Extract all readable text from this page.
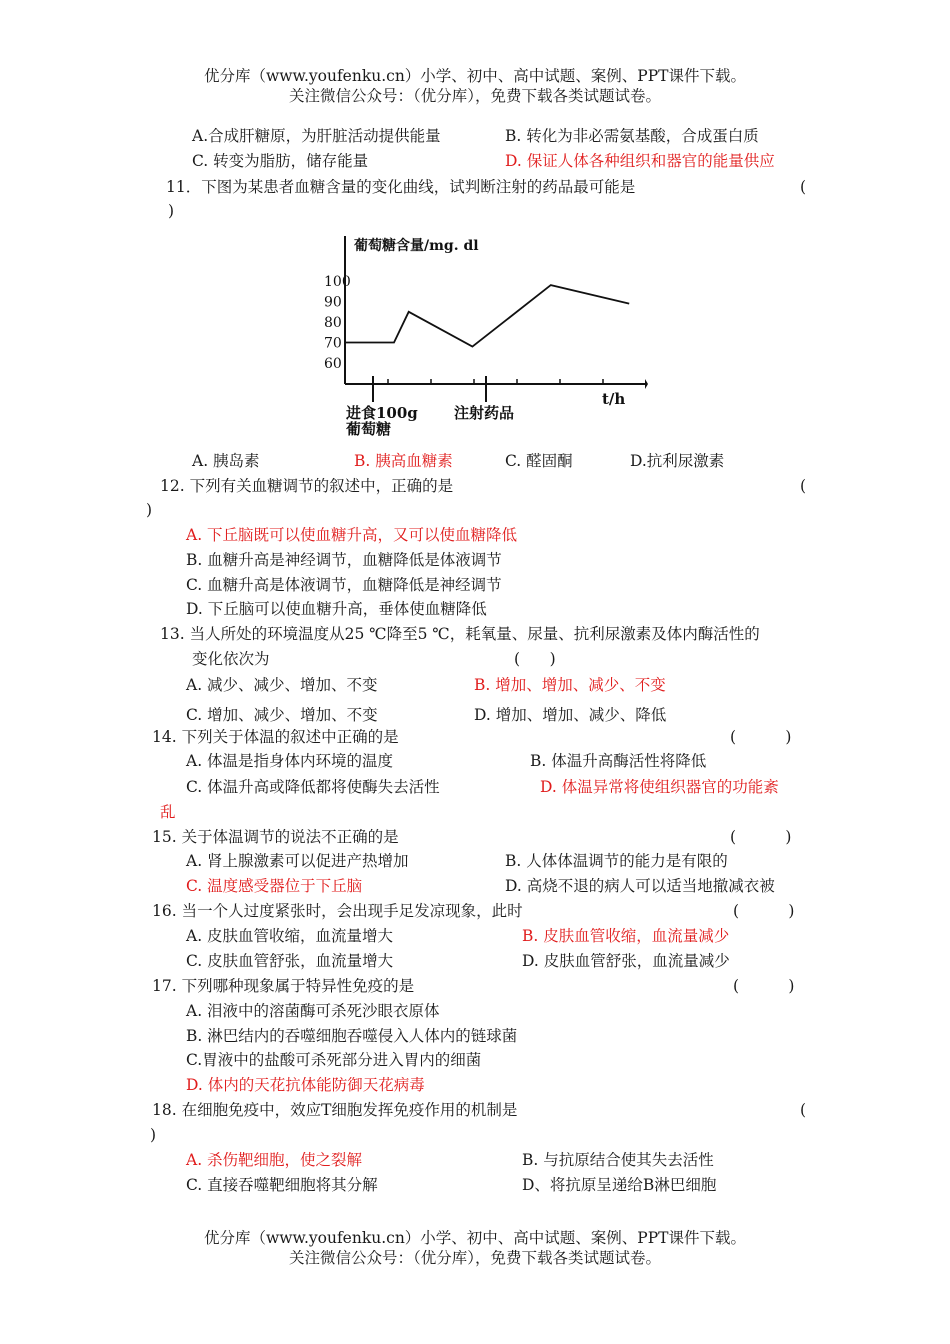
优分库（www.youfenku.cn）小学、初中、高中试题、案例、PPT课件下载。
关注微信公众号：（优分库），免费下载各类试题试卷。
A.合成肝糖原，为肝脏活动提供能量	B. 转化为非必需氨基酸，合成蛋白质
C. 转变为脂肪，储存能量	D. 保证人体各种组织和器官的能量供应
11．下图为某患者血糖含量的变化曲线，试判断注射的药品最可能是	(
)
葡萄糖含量/mg. dl
100
90
80
70
60
t/h
进食100g
葡萄糖
注射药品
A. 胰岛素	B. 胰高血糖素	C. 醛固酮	D.抗利尿激素
12. 下列有关血糖调节的叙述中，正确的是	(
)
A. 下丘脑既可以使血糖升高，又可以使血糖降低
B. 血糖升高是神经调节，血糖降低是体液调节
C. 血糖升高是体液调节，血糖降低是神经调节
D. 下丘脑可以使血糖升高，垂体使血糖降低
13. 当人所处的环境温度从25 ℃降至5 ℃，耗氧量、尿量、抗利尿激素及体内酶活性的
变化依次为	(      )
A. 减少、减少、增加、不变	B. 增加、增加、减少、不变
C. 增加、减少、增加、不变	D. 增加、增加、减少、降低
14. 下列关于体温的叙述中正确的是	(          )
A. 体温是指身体内环境的温度	B. 体温升高酶活性将降低
C. 体温升高或降低都将使酶失去活性	D. 体温异常将使组织器官的功能紊
乱
15. 关于体温调节的说法不正确的是	(          )
A. 肾上腺激素可以促进产热增加	B. 人体体温调节的能力是有限的
C. 温度感受器位于下丘脑	D. 高烧不退的病人可以适当地撤减衣被
16. 当一个人过度紧张时，会出现手足发凉现象，此时	(          )
A. 皮肤血管收缩，血流量增大	B. 皮肤血管收缩，血流量减少
C. 皮肤血管舒张，血流量增大	D. 皮肤血管舒张，血流量减少
17. 下列哪种现象属于特异性免疫的是	(          )
A. 泪液中的溶菌酶可杀死沙眼衣原体
B. 淋巴结内的吞噬细胞吞噬侵入人体内的链球菌
C.胃液中的盐酸可杀死部分进入胃内的细菌
D. 体内的天花抗体能防御天花病毒
18. 在细胞免疫中，效应T细胞发挥免疫作用的机制是	(
)
A. 杀伤靶细胞，使之裂解	B. 与抗原结合使其失去活性
C. 直接吞噬靶细胞将其分解	D、将抗原呈递给B淋巴细胞
优分库（www.youfenku.cn）小学、初中、高中试题、案例、PPT课件下载。
关注微信公众号：（优分库），免费下载各类试题试卷。
